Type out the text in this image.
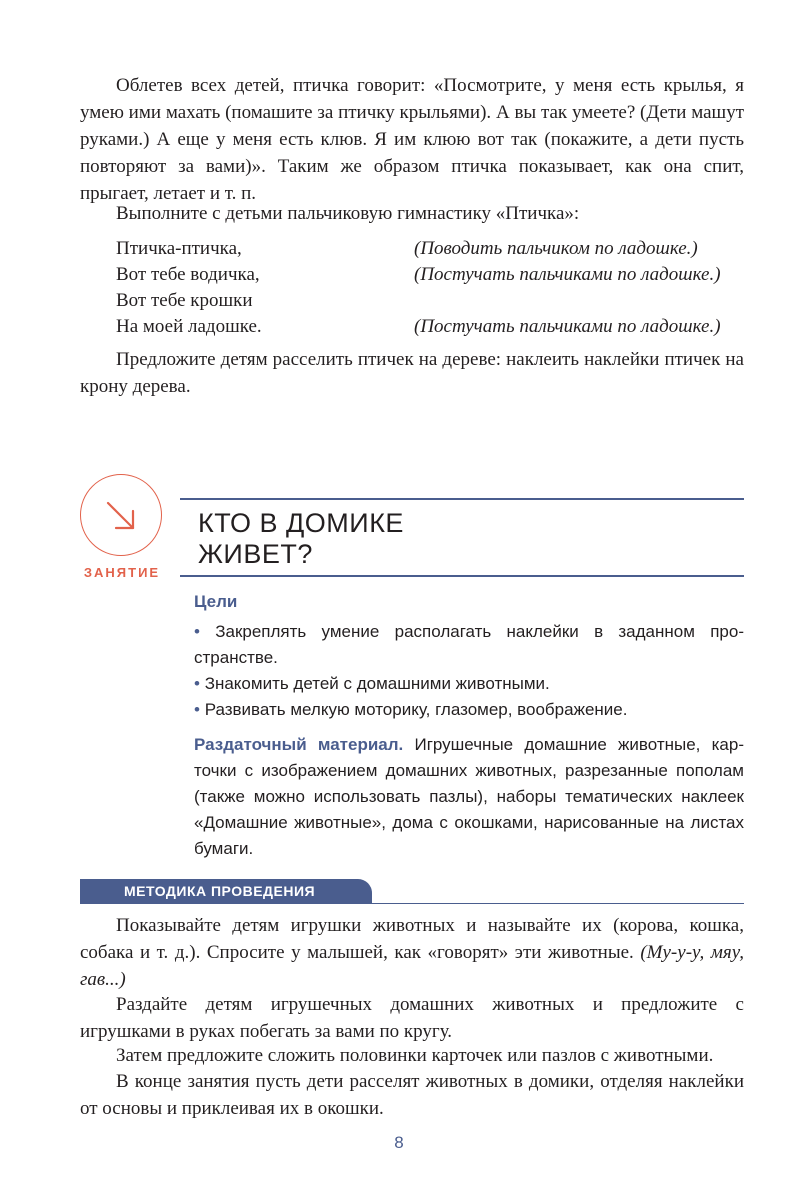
Облетев всех детей, птичка говорит: «Посмотрите, у меня есть крылья, я умею ими махать (помашите за птичку крыльями). А вы так умеете? (Дети машут руками.) А еще у меня есть клюв. Я им клюю вот так (покажите, а дети пусть повторяют за вами)». Таким же образом птичка показывает, как она спит, прыгает, летает и т. п.

Выполните с детьми пальчиковую гимнастику «Птичка»:

Птичка-птичка,	(Поводить пальчиком по ладошке.)
Вот тебе водичка,	(Постучать пальчиками по ладошке.)
Вот тебе крошки
На моей ладошке.	(Постучать пальчиками по ладошке.)

Предложите детям расселить птичек на дереве: наклеить наклейки птичек на крону дерева.

ЗАНЯТИЕ
КТО В ДОМИКЕ
ЖИВЕТ?
Цели
• Закреплять умение располагать наклейки в заданном пространстве.
• Знакомить детей с домашними животными.
• Развивать мелкую моторику, глазомер, воображение.

Раздаточный материал. Игрушечные домашние животные, карточки с изображением домашних животных, разрезанные пополам (также можно использовать пазлы), наборы тематических наклеек «Домашние животные», дома с окошками, нарисованные на листах бумаги.

МЕТОДИКА ПРОВЕДЕНИЯ

Показывайте детям игрушки животных и называйте их (корова, кошка, собака и т. д.). Спросите у малышей, как «говорят» эти животные. (Му-у-у, мяу, гав...)

Раздайте детям игрушечных домашних животных и предложите с игрушками в руках побегать за вами по кругу.

Затем предложите сложить половинки карточек или пазлов с животными.

В конце занятия пусть дети расселят животных в домики, отделяя наклейки от основы и приклеивая их в окошки.

8
